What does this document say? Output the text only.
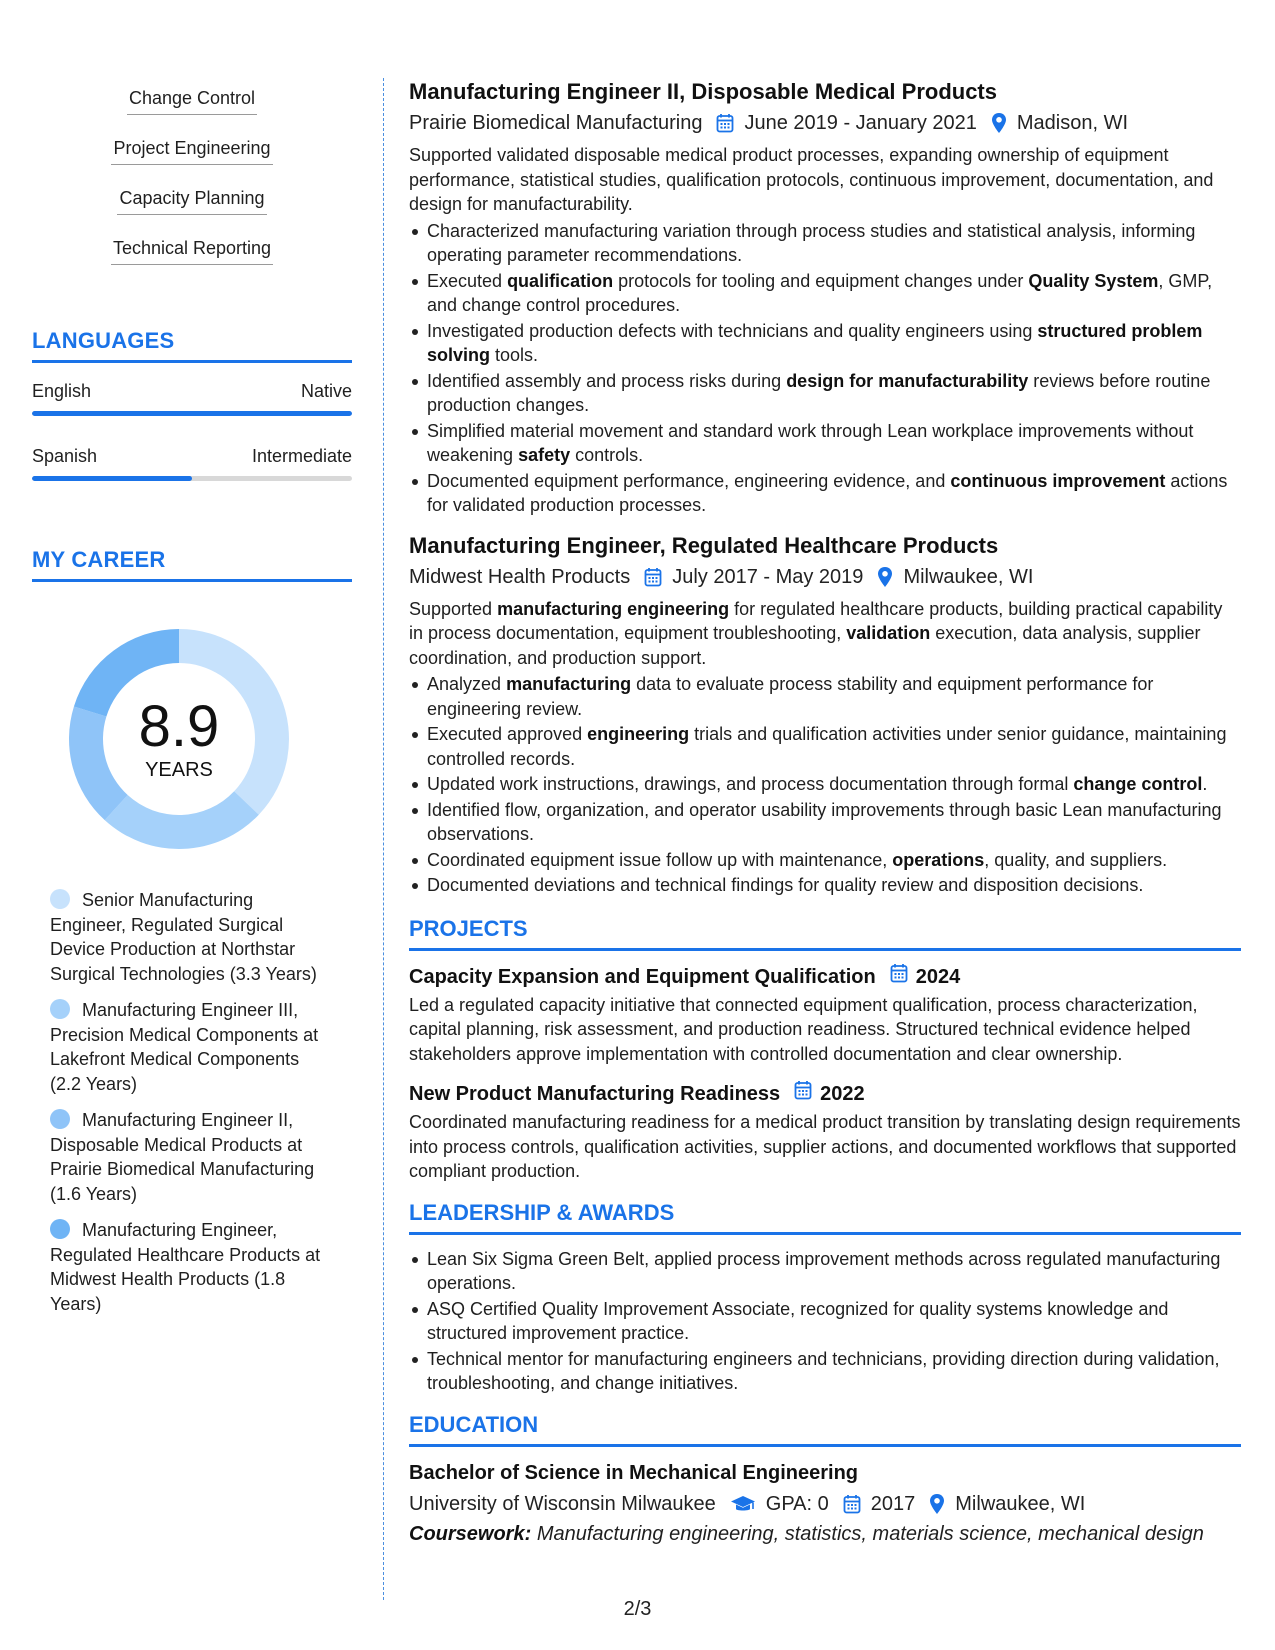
Change Control
Project Engineering
Capacity Planning
Technical Reporting
LANGUAGES
English	Native
Spanish	Intermediate
MY CAREER
8.9
YEARS
Senior Manufacturing Engineer, Regulated Surgical Device Production at Northstar Surgical Technologies (3.3 Years)
Manufacturing Engineer III, Precision Medical Components at Lakefront Medical Components (2.2 Years)
Manufacturing Engineer II, Disposable Medical Products at Prairie Biomedical Manufacturing (1.6 Years)
Manufacturing Engineer, Regulated Healthcare Products at Midwest Health Products (1.8 Years)
Manufacturing Engineer II, Disposable Medical Products
Prairie Biomedical Manufacturing June 2019 - January 2021 Madison, WI
Supported validated disposable medical product processes, expanding ownership of equipment performance, statistical studies, qualification protocols, continuous improvement, documentation, and design for manufacturability.
Characterized manufacturing variation through process studies and statistical analysis, informing operating parameter recommendations.
Executed qualification protocols for tooling and equipment changes under Quality System, GMP, and change control procedures.
Investigated production defects with technicians and quality engineers using structured problem solving tools.
Identified assembly and process risks during design for manufacturability reviews before routine production changes.
Simplified material movement and standard work through Lean workplace improvements without weakening safety controls.
Documented equipment performance, engineering evidence, and continuous improvement actions for validated production processes.
Manufacturing Engineer, Regulated Healthcare Products
Midwest Health Products July 2017 - May 2019 Milwaukee, WI
Supported manufacturing engineering for regulated healthcare products, building practical capability in process documentation, equipment troubleshooting, validation execution, data analysis, supplier coordination, and production support.
Analyzed manufacturing data to evaluate process stability and equipment performance for engineering review.
Executed approved engineering trials and qualification activities under senior guidance, maintaining controlled records.
Updated work instructions, drawings, and process documentation through formal change control.
Identified flow, organization, and operator usability improvements through basic Lean manufacturing observations.
Coordinated equipment issue follow up with maintenance, operations, quality, and suppliers.
Documented deviations and technical findings for quality review and disposition decisions.
PROJECTS
Capacity Expansion and Equipment Qualification 2024
Led a regulated capacity initiative that connected equipment qualification, process characterization, capital planning, risk assessment, and production readiness. Structured technical evidence helped stakeholders approve implementation with controlled documentation and clear ownership.
New Product Manufacturing Readiness 2022
Coordinated manufacturing readiness for a medical product transition by translating design requirements into process controls, qualification activities, supplier actions, and documented workflows that supported compliant production.
LEADERSHIP & AWARDS
Lean Six Sigma Green Belt, applied process improvement methods across regulated manufacturing operations.
ASQ Certified Quality Improvement Associate, recognized for quality systems knowledge and structured improvement practice.
Technical mentor for manufacturing engineers and technicians, providing direction during validation, troubleshooting, and change initiatives.
EDUCATION
Bachelor of Science in Mechanical Engineering
University of Wisconsin Milwaukee	GPA: 0 2017 Milwaukee, WI
Coursework: Manufacturing engineering, statistics, materials science, mechanical design
2/3
